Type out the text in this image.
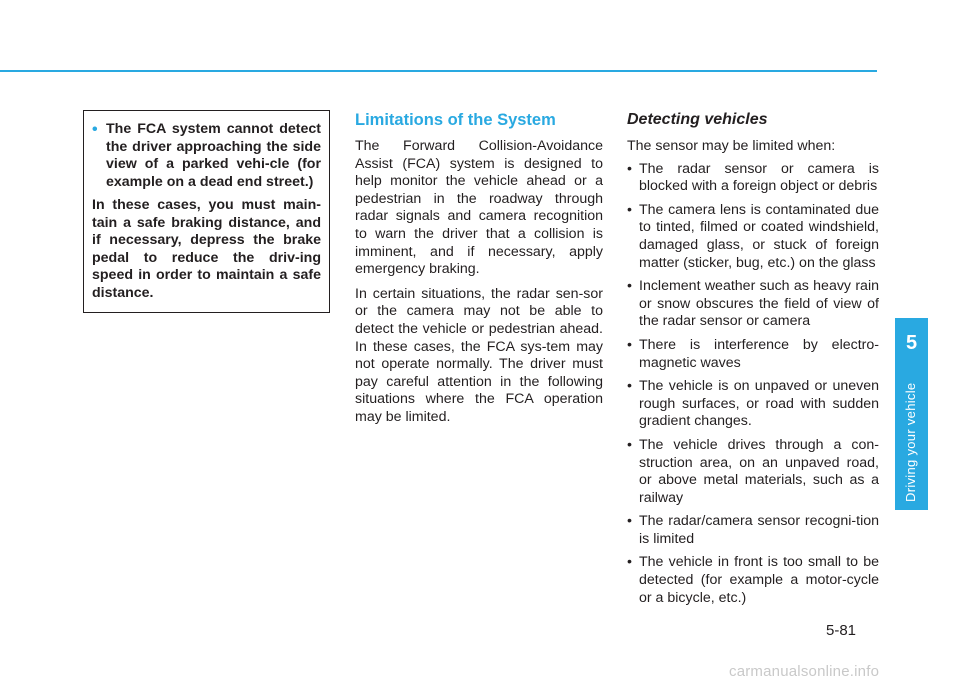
• The FCA system cannot detect the driver approaching the side view of a parked vehi-cle (for example on a dead end street.)
In these cases, you must main-tain a safe braking distance, and if necessary, depress the brake pedal to reduce the driv-ing speed in order to maintain a safe distance.
Limitations of the System

The Forward Collision-Avoidance Assist (FCA) system is designed to help monitor the vehicle ahead or a pedestrian in the roadway through radar signals and camera recognition to warn the driver that a collision is imminent, and if necessary, apply emergency braking.

In certain situations, the radar sen-sor or the camera may not be able to detect the vehicle or pedestrian ahead. In these cases, the FCA sys-tem may not operate normally. The driver must pay careful attention in the following situations where the FCA operation may be limited.

Detecting vehicles

The sensor may be limited when:

• The radar sensor or camera is blocked with a foreign object or debris
• The camera lens is contaminated due to tinted, filmed or coated windshield, damaged glass, or stuck of foreign matter (sticker, bug, etc.) on the glass
• Inclement weather such as heavy rain or snow obscures the field of view of the radar sensor or camera
• There is interference by electro-magnetic waves
• The vehicle is on unpaved or uneven rough surfaces, or road with sudden gradient changes.
• The vehicle drives through a con-struction area, on an unpaved road, or above metal materials, such as a railway
• The radar/camera sensor recogni-tion is limited
• The vehicle in front is too small to be detected (for example a motor-cycle or a bicycle, etc.)
5
Driving your vehicle
5-81
carmanualsonline.info
